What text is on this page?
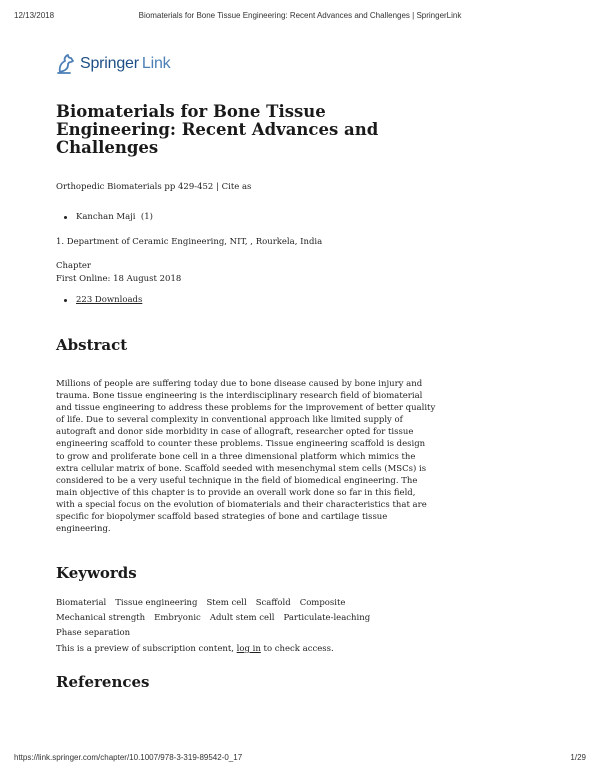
12/13/2018	Biomaterials for Bone Tissue Engineering: Recent Advances and Challenges | SpringerLink
Springer Link
Biomaterials for Bone Tissue Engineering: Recent Advances and Challenges
Orthopedic Biomaterials pp 429-452 | Cite as
Kanchan Maji
(1)
1. Department of Ceramic Engineering, NIT, , Rourkela, India
Chapter
First Online: 18 August 2018
223 Downloads
Abstract

Millions of people are suffering today due to bone disease caused by bone injury and trauma. Bone tissue engineering is the interdisciplinary research field of biomaterial and tissue engineering to address these problems for the improvement of better quality of life. Due to several complexity in conventional approach like limited supply of autograft and donor side morbidity in case of allograft, researcher opted for tissue engineering scaffold to counter these problems. Tissue engineering scaffold is design to grow and proliferate bone cell in a three dimensional platform which mimics the extra cellular matrix of bone. Scaffold seeded with mesenchymal stem cells (MSCs) is considered to be a very useful technique in the field of biomedical engineering. The main objective of this chapter is to provide an overall work done so far in this field, with a special focus on the evolution of biomaterials and their characteristics that are specific for biopolymer scaffold based strategies of bone and cartilage tissue engineering.

Keywords
Biomaterial Tissue engineering Stem cell Scaffold Composite
Mechanical strength Embryonic Adult stem cell Particulate-leaching
Phase separation
This is a preview of subscription content, log in to check access.
References
https://link.springer.com/chapter/10.1007/978-3-319-89542-0_17	1/29
